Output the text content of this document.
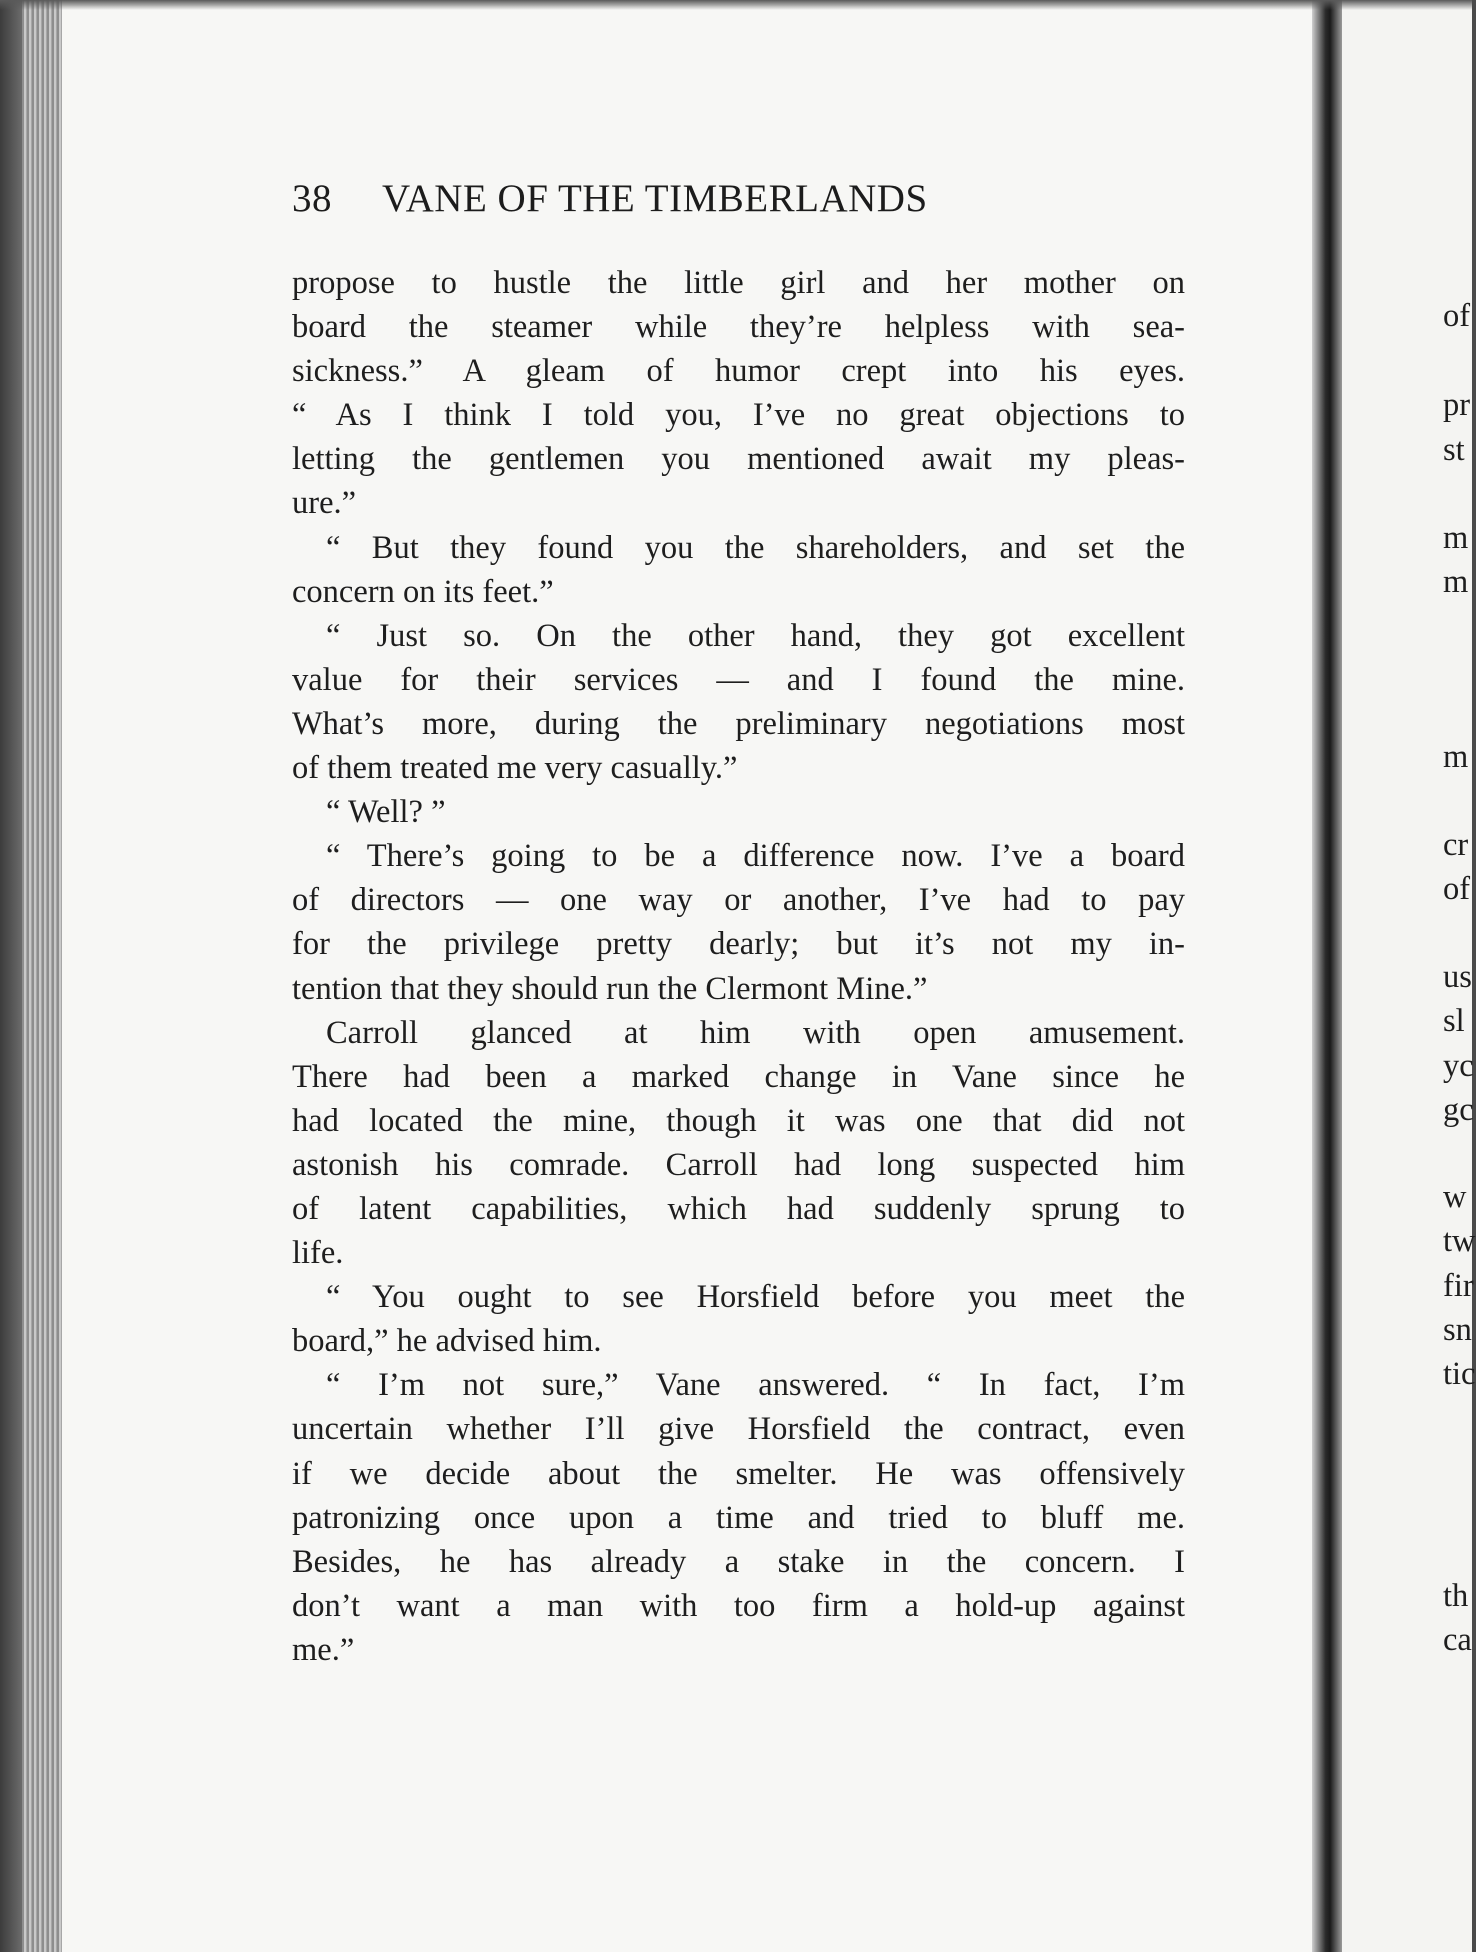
38 VANE OF THE TIMBERLANDS
propose to hustle the little girl and her mother on
board the steamer while they’re helpless with sea-
sickness.” A gleam of humor crept into his eyes.
“ As I think I told you, I’ve no great objections to
letting the gentlemen you mentioned await my pleas-
ure.”
“ But they found you the shareholders, and set the
concern on its feet.”
“ Just so. On the other hand, they got excellent
value for their services — and I found the mine.
What’s more, during the preliminary negotiations most
of them treated me very casually.”
“ Well? ”
“ There’s going to be a difference now. I’ve a board
of directors — one way or another, I’ve had to pay
for the privilege pretty dearly; but it’s not my in-
tention that they should run the Clermont Mine.”
Carroll glanced at him with open amusement.
There had been a marked change in Vane since he
had located the mine, though it was one that did not
astonish his comrade. Carroll had long suspected him
of latent capabilities, which had suddenly sprung to
life.
“ You ought to see Horsfield before you meet the
board,” he advised him.
“ I’m not sure,” Vane answered. “ In fact, I’m
uncertain whether I’ll give Horsfield the contract, even
if we decide about the smelter. He was offensively
patronizing once upon a time and tried to bluff me.
Besides, he has already a stake in the concern. I
don’t want a man with too firm a hold-up against
me.”
of
pr
st
m
m
m
cr
of
us
sl
yc
gc
w
tw
fir
sn
tic
th
ca
